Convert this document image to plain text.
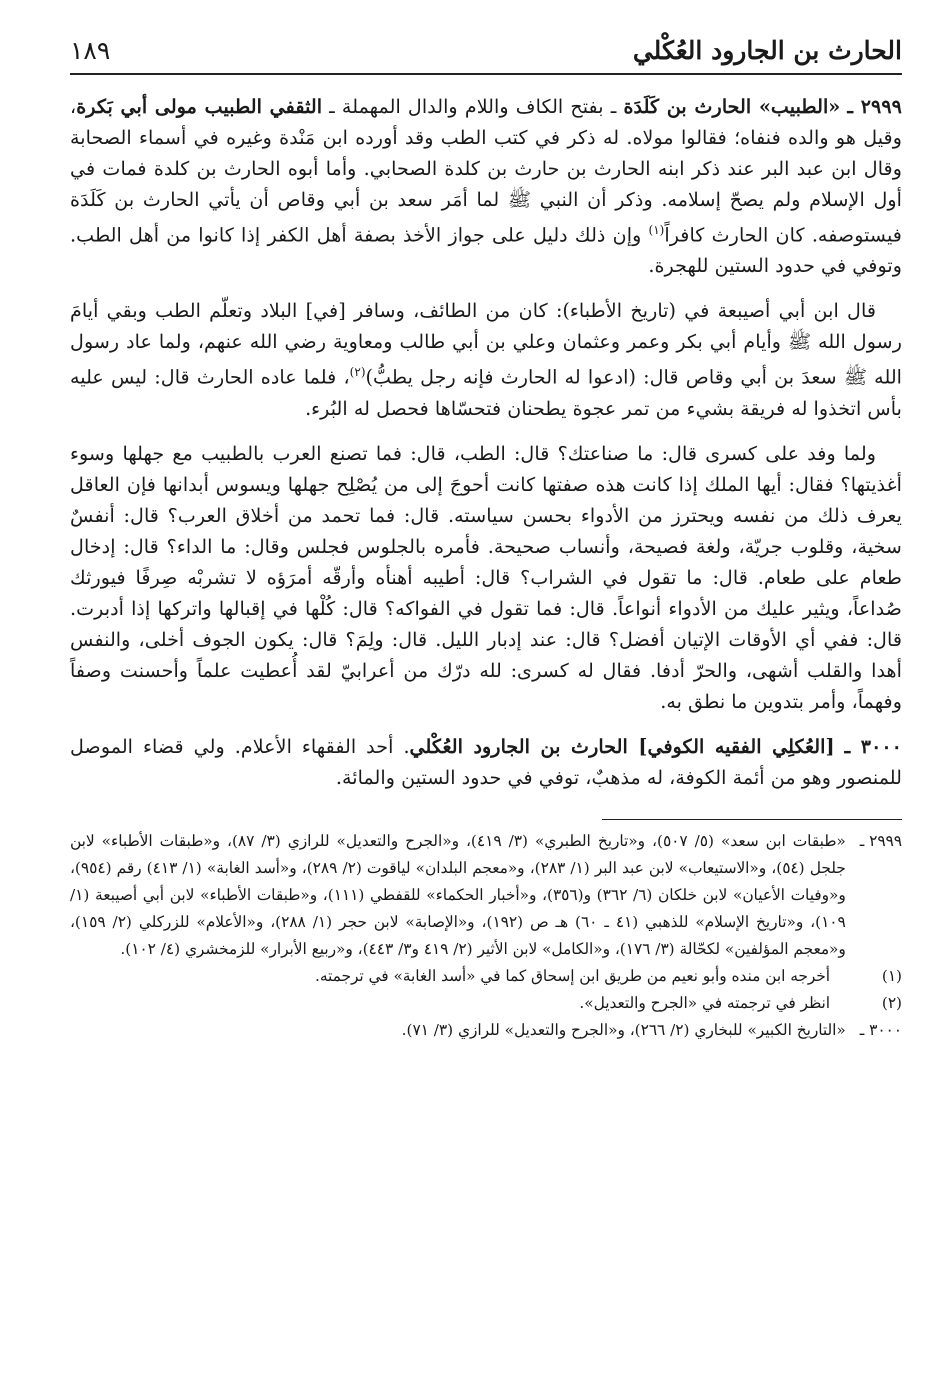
الحارث بن الجارود العُكْلي
١٨٩

٢٩٩٩ ـ «الطبيب» الحارث بن كَلَدَة ـ بفتح الكاف واللام والدال المهملة ـ الثقفي الطبيب مولى أبي بَكرة، وقيل هو والده فنفاه؛ فقالوا مولاه. له ذكر في كتب الطب وقد أورده ابن مَنْدة وغيره في أسماء الصحابة وقال ابن عبد البر عند ذكر ابنه الحارث بن حارث بن كلدة الصحابي. وأما أبوه الحارث بن كلدة فمات في أول الإسلام ولم يصحّ إسلامه. وذكر أن النبي ﷺ لما أمَر سعد بن أبي وقاص أن يأتي الحارث بن كَلَدَة فيستوصفه. كان الحارث كافراً$^{(١)}$ وإن ذلك دليل على جواز الأخذ بصفة أهل الكفر إذا كانوا من أهل الطب. وتوفي في حدود الستين للهجرة.

قال ابن أبي أصيبعة في (تاريخ الأطباء): كان من الطائف، وسافر [في] البلاد وتعلّم الطب وبقي أيامَ رسول الله ﷺ وأيام أبي بكر وعمر وعثمان وعلي بن أبي طالب ومعاوية رضي الله عنهم، ولما عاد رسول الله ﷺ سعدَ بن أبي وقاص قال: (ادعوا له الحارث فإنه رجل يطبُّ)$^{(٢)}$، فلما عاده الحارث قال: ليس عليه بأس اتخذوا له فريقة بشيء من تمر عجوة يطحنان فتحسّاها فحصل له البُرء.

ولما وفد على كسرى قال: ما صناعتك؟ قال: الطب، قال: فما تصنع العرب بالطبيب مع جهلها وسوء أغذيتها؟ فقال: أيها الملك إذا كانت هذه صفتها كانت أحوجَ إلى من يُصْلِح جهلها ويسوس أبدانها فإن العاقل يعرف ذلك من نفسه ويحترز من الأدواء بحسن سياسته. قال: فما تحمد من أخلاق العرب؟ قال: أنفسٌ سخية، وقلوب جريّة، ولغة فصيحة، وأنساب صحيحة. فأمره بالجلوس فجلس وقال: ما الداء؟ قال: إدخال طعام على طعام. قال: ما تقول في الشراب؟ قال: أطيبه أهنأه وأرقّه أمرَؤه لا تشربْه صِرفًا فيورثك صُداعاً، ويثير عليك من الأدواء أنواعاً. قال: فما تقول في الفواكه؟ قال: كُلْها في إقبالها واتركها إذا أدبرت. قال: ففي أي الأوقات الإتيان أفضل؟ قال: عند إدبار الليل. قال: ولِمَ؟ قال: يكون الجوف أخلى، والنفس أهدا والقلب أشهى، والحرّ أدفا. فقال له كسرى: لله درّك من أعرابيّ لقد أُعطيت علماً وأحسنت وصفاً وفهماً، وأمر بتدوين ما نطق به.

٣٠٠٠ ـ [العُكلِي الفقيه الكوفي] الحارث بن الجارود العُكْلي. أحد الفقهاء الأعلام. ولي قضاء الموصل للمنصور وهو من أئمة الكوفة، له مذهبٌ، توفي في حدود الستين والمائة.

٢٩٩٩ ـ
«طبقات ابن سعد» (٥/ ٥٠٧)، و«تاريخ الطبري» (٣/ ٤١٩)، و«الجرح والتعديل» للرازي (٣/ ٨٧)، و«طبقات الأطباء» لابن جلجل (٥٤)، و«الاستيعاب» لابن عبد البر (١/ ٢٨٣)، و«معجم البلدان» لياقوت (٢/ ٢٨٩)، و«أسد الغابة» (١/ ٤١٣) رقم (٩٥٤)، و«وفيات الأعيان» لابن خلكان (٦/ ٣٦٢) و(٣٥٦)، و«أخبار الحكماء» للقفطي (١١١)، و«طبقات الأطباء» لابن أبي أصيبعة (١/ ١٠٩)، و«تاريخ الإسلام» للذهبي (٤١ ـ ٦٠) هـ ص (١٩٢)، و«الإصابة» لابن حجر (١/ ٢٨٨)، و«الأعلام» للزركلي (٢/ ١٥٩)، و«معجم المؤلفين» لكحّالة (٣/ ١٧٦)، و«الكامل» لابن الأثير (٢/ ٤١٩ و٣/ ٤٤٣)، و«ربيع الأبرار» للزمخشري (٤/ ١٠٢).
(١)
أخرجه ابن منده وأبو نعيم من طريق ابن إسحاق كما في «أسد الغابة» في ترجمته.
(٢)
انظر في ترجمته في «الجرح والتعديل».
٣٠٠٠ ـ
«التاريخ الكبير» للبخاري (٢/ ٢٦٦)، و«الجرح والتعديل» للرازي (٣/ ٧١).
